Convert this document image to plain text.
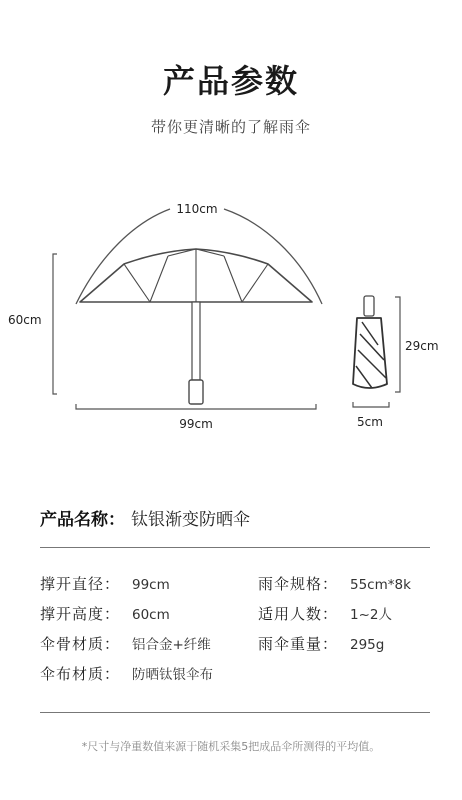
产品参数
带你更清晰的了解雨伞
110cm
60cm
99cm
29cm
5cm
产品名称： 钛银渐变防晒伞
撑开直径： 99cm	雨伞规格： 55cm*8k
撑开高度： 60cm	适用人数： 1~2人
伞骨材质： 铝合金+纤维	雨伞重量： 295g
伞布材质： 防晒钛银伞布
*尺寸与净重数值来源于随机采集5把成品伞所测得的平均值。
